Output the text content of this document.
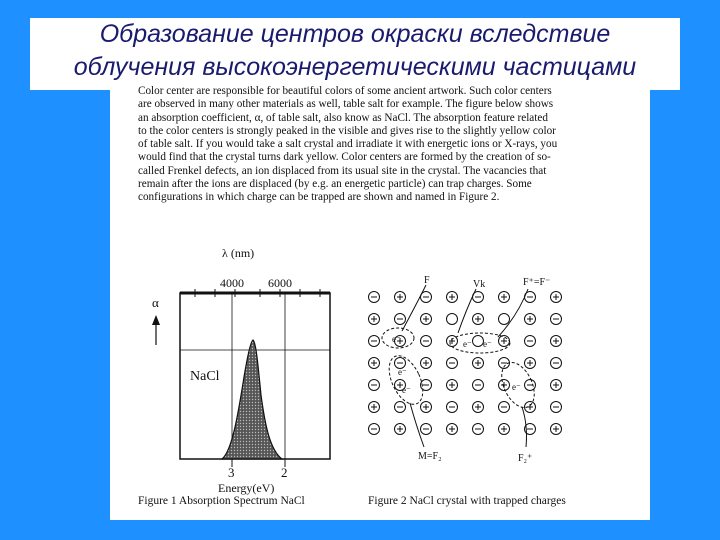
Образование центров окраски вследствие
облучения высокоэнергетическими частицами
Color center are responsible for beautiful colors of some ancient artwork. Such color centers
are observed in many other materials as well, table salt for example. The figure below shows
an absorption coefficient, α, of table salt, also know as NaCl. The absorption feature related
to the color centers is strongly peaked in the visible and gives rise to the slightly yellow color
of table salt. If you would take a salt crystal and irradiate it with energetic ions or X-rays, you
would find that the crystal turns dark yellow. Color centers are formed by the creation of so-
called Frenkel defects, an ion displaced from its usual site in the crystal. The vacancies that
remain after the ions are displaced (by e.g. an energetic particle) can trap charges. Some
configurations in which charge can be trapped are shown and named in Figure 2.
λ (nm)
4000 6000
α
NaCl
3	2
Energy(eV)
Figure 1 Absorption Spectrum NaCl
e⁻	e⁻ e⁻
e⁻
e⁻	e⁻
F	Vk	F⁺=F⁻
M=F₂	F₂⁺
Figure 2 NaCl crystal with trapped charges
